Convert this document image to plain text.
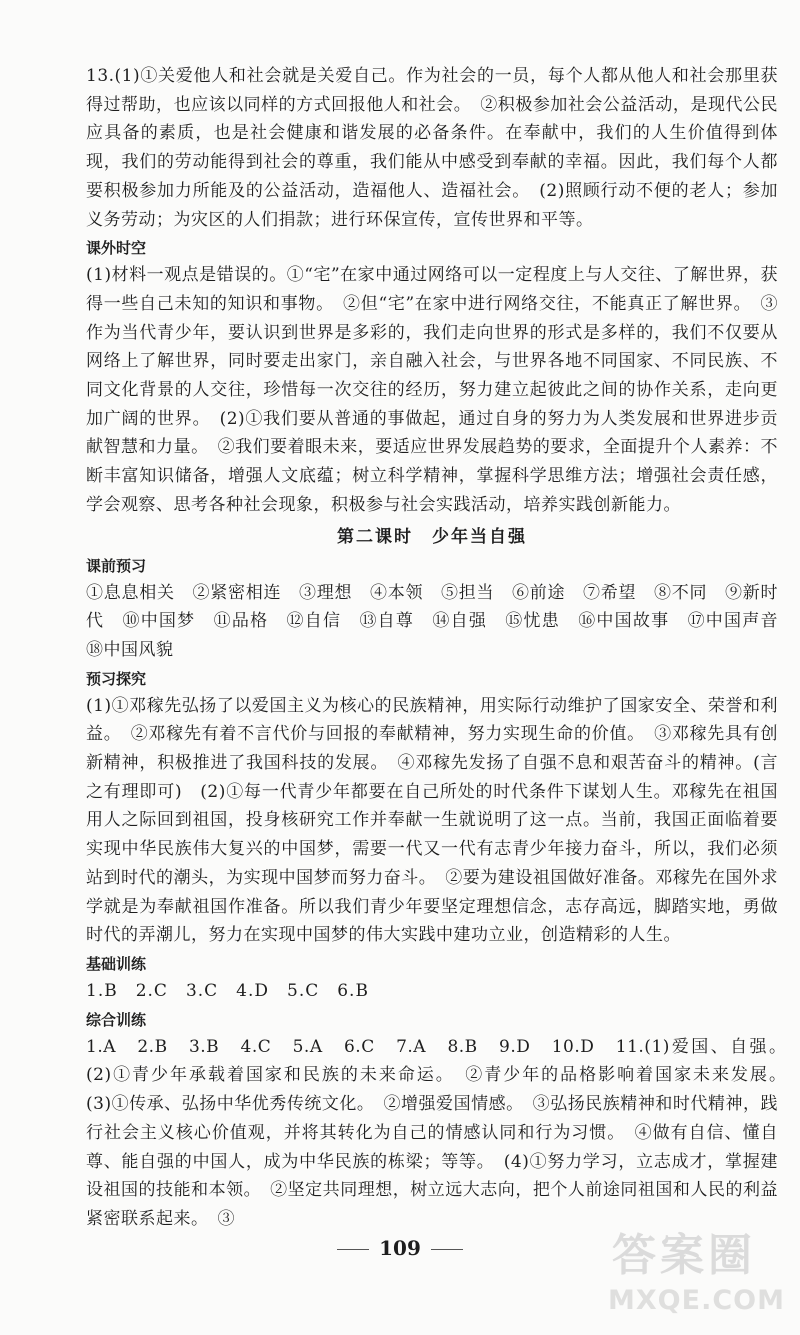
13.(1)①关爱他人和社会就是关爱自己。作为社会的一员，每个人都从他人和社会那里获得过帮助，也应该以同样的方式回报他人和社会。　②积极参加社会公益活动，是现代公民应具备的素质，也是社会健康和谐发展的必备条件。在奉献中，我们的人生价值得到体现，我们的劳动能得到社会的尊重，我们能从中感受到奉献的幸福。因此，我们每个人都要积极参加力所能及的公益活动，造福他人、造福社会。　(2)照顾行动不便的老人；参加义务劳动；为灾区的人们捐款；进行环保宣传，宣传世界和平等。

课外时空

(1)材料一观点是错误的。①“宅”在家中通过网络可以一定程度上与人交往、了解世界，获得一些自己未知的知识和事物。　②但“宅”在家中进行网络交往，不能真正了解世界。　③作为当代青少年，要认识到世界是多彩的，我们走向世界的形式是多样的，我们不仅要从网络上了解世界，同时要走出家门，亲自融入社会，与世界各地不同国家、不同民族、不同文化背景的人交往，珍惜每一次交往的经历，努力建立起彼此之间的协作关系，走向更加广阔的世界。　(2)①我们要从普通的事做起，通过自身的努力为人类发展和世界进步贡献智慧和力量。　②我们要着眼未来，要适应世界发展趋势的要求，全面提升个人素养：不断丰富知识储备，增强人文底蕴；树立科学精神，掌握科学思维方法；增强社会责任感，学会观察、思考各种社会现象，积极参与社会实践活动，培养实践创新能力。

第二课时　少年当自强
课前预习

①息息相关　②紧密相连　③理想　④本领　⑤担当　⑥前途　⑦希望　⑧不同　⑨新时代　⑩中国梦　⑪品格　⑫自信　⑬自尊　⑭自强　⑮忧患　⑯中国故事　⑰中国声音　⑱中国风貌

预习探究

(1)①邓稼先弘扬了以爱国主义为核心的民族精神，用实际行动维护了国家安全、荣誉和利益。　②邓稼先有着不言代价与回报的奉献精神，努力实现生命的价值。　③邓稼先具有创新精神，积极推进了我国科技的发展。　④邓稼先发扬了自强不息和艰苦奋斗的精神。(言之有理即可)　(2)①每一代青少年都要在自己所处的时代条件下谋划人生。邓稼先在祖国用人之际回到祖国，投身核研究工作并奉献一生就说明了这一点。当前，我国正面临着要实现中华民族伟大复兴的中国梦，需要一代又一代有志青少年接力奋斗，所以，我们必须站到时代的潮头，为实现中国梦而努力奋斗。　②要为建设祖国做好准备。邓稼先在国外求学就是为奉献祖国作准备。所以我们青少年要坚定理想信念，志存高远，脚踏实地，勇做时代的弄潮儿，努力在实现中国梦的伟大实践中建功立业，创造精彩的人生。

基础训练

1.B　2.C　3.C　4.D　5.C　6.B

综合训练

1.A　2.B　3.B　4.C　5.A　6.C　7.A　8.B　9.D　10.D　11.(1)爱国、自强。　(2)①青少年承载着国家和民族的未来命运。　②青少年的品格影响着国家未来发展。　(3)①传承、弘扬中华优秀传统文化。　②增强爱国情感。　③弘扬民族精神和时代精神，践行社会主义核心价值观，并将其转化为自己的情感认同和行为习惯。　④做有自信、懂自尊、能自强的中国人，成为中华民族的栋梁；等等。　(4)①努力学习，立志成才，掌握建设祖国的技能和本领。　②坚定共同理想，树立远大志向，把个人前途同祖国和人民的利益紧密联系起来。　③

109	答案圈
MXQE.COM
